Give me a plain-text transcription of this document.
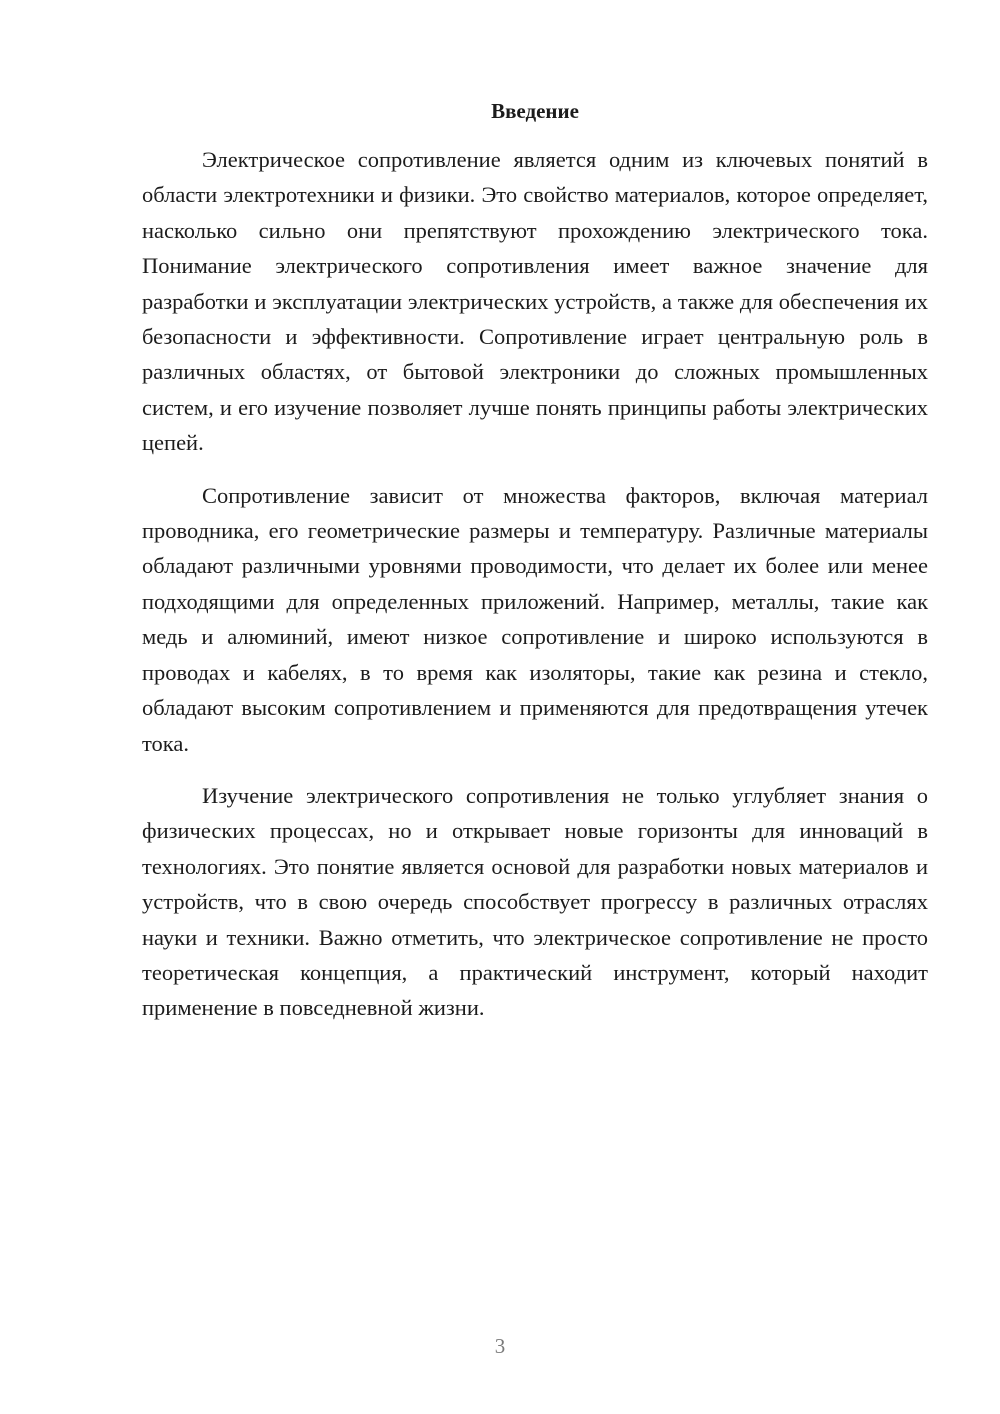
Введение

Электрическое сопротивление является одним из ключевых понятий в области электротехники и физики. Это свойство материалов, которое определяет, насколько сильно они препятствуют прохождению электрического тока. Понимание электрического сопротивления имеет важное значение для разработки и эксплуатации электрических устройств, а также для обеспечения их безопасности и эффективности. Сопротивление играет центральную роль в различных областях, от бытовой электроники до сложных промышленных систем, и его изучение позволяет лучше понять принципы работы электрических цепей.

Сопротивление зависит от множества факторов, включая материал проводника, его геометрические размеры и температуру. Различные материалы обладают различными уровнями проводимости, что делает их более или менее подходящими для определенных приложений. Например, металлы, такие как медь и алюминий, имеют низкое сопротивление и широко используются в проводах и кабелях, в то время как изоляторы, такие как резина и стекло, обладают высоким сопротивлением и применяются для предотвращения утечек тока.

Изучение электрического сопротивления не только углубляет знания о физических процессах, но и открывает новые горизонты для инноваций в технологиях. Это понятие является основой для разработки новых материалов и устройств, что в свою очередь способствует прогрессу в различных отраслях науки и техники. Важно отметить, что электрическое сопротивление не просто теоретическая концепция, а практический инструмент, который находит применение в повседневной жизни.

3
